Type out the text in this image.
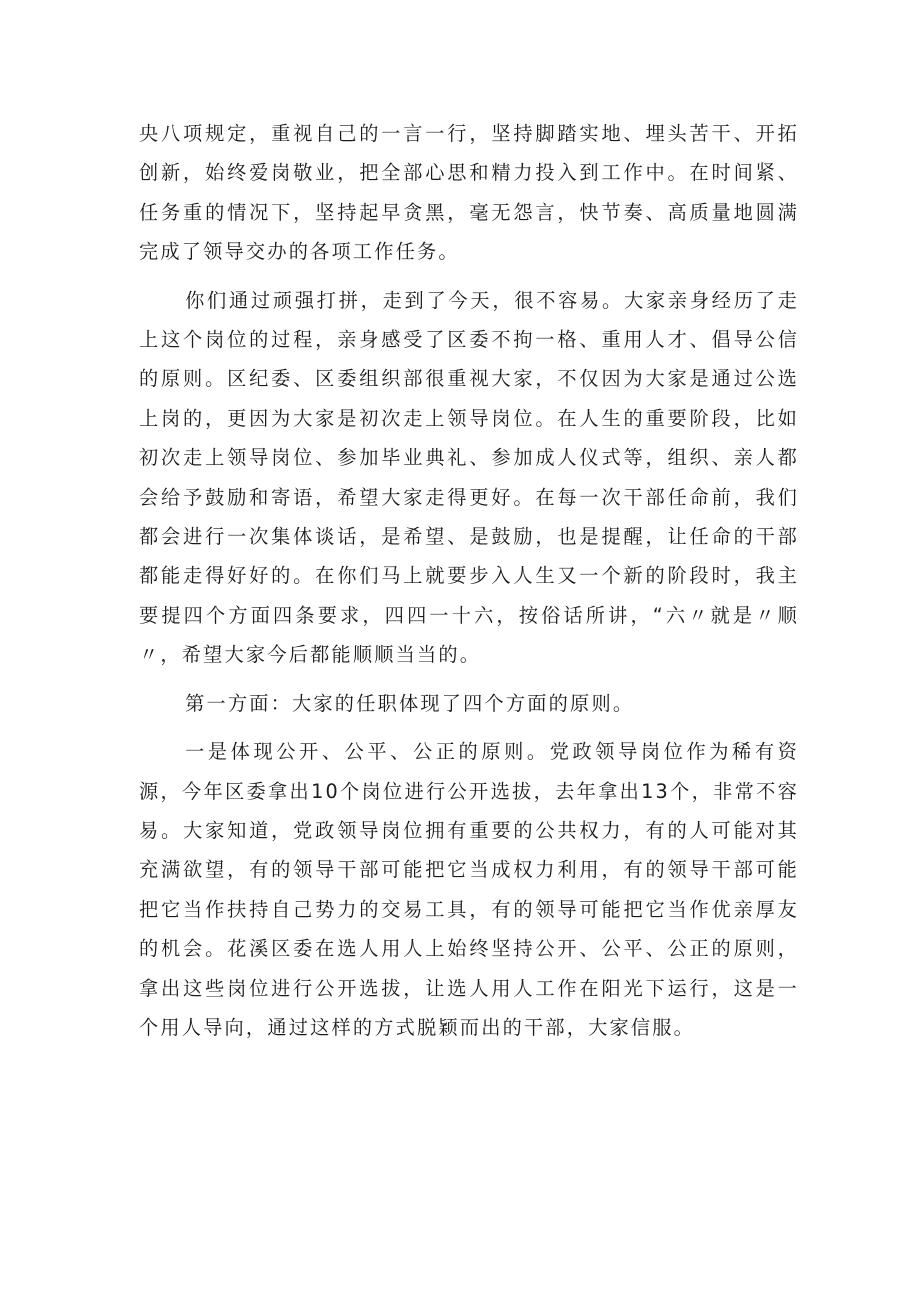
央八项规定，重视自己的一言一行，坚持脚踏实地、埋头苦干、开拓创新，始终爱岗敬业，把全部心思和精力投入到工作中。在时间紧、任务重的情况下，坚持起早贪黑，毫无怨言，快节奏、高质量地圆满完成了领导交办的各项工作任务。

你们通过顽强打拼，走到了今天，很不容易。大家亲身经历了走上这个岗位的过程，亲身感受了区委不拘一格、重用人才、倡导公信的原则。区纪委、区委组织部很重视大家，不仅因为大家是通过公选上岗的，更因为大家是初次走上领导岗位。在人生的重要阶段，比如初次走上领导岗位、参加毕业典礼、参加成人仪式等，组织、亲人都会给予鼓励和寄语，希望大家走得更好。在每一次干部任命前，我们都会进行一次集体谈话，是希望、是鼓励，也是提醒，让任命的干部都能走得好好的。在你们马上就要步入人生又一个新的阶段时，我主要提四个方面四条要求，四四一十六，按俗话所讲，“六〃就是〃顺〃，希望大家今后都能顺顺当当的。

第一方面：大家的任职体现了四个方面的原则。

一是体现公开、公平、公正的原则。党政领导岗位作为稀有资源，今年区委拿出10个岗位进行公开选拔，去年拿出13个，非常不容易。大家知道，党政领导岗位拥有重要的公共权力，有的人可能对其充满欲望，有的领导干部可能把它当成权力利用，有的领导干部可能把它当作扶持自己势力的交易工具，有的领导可能把它当作优亲厚友的机会。花溪区委在选人用人上始终坚持公开、公平、公正的原则，拿出这些岗位进行公开选拔，让选人用人工作在阳光下运行，这是一个用人导向，通过这样的方式脱颖而出的干部，大家信服。
